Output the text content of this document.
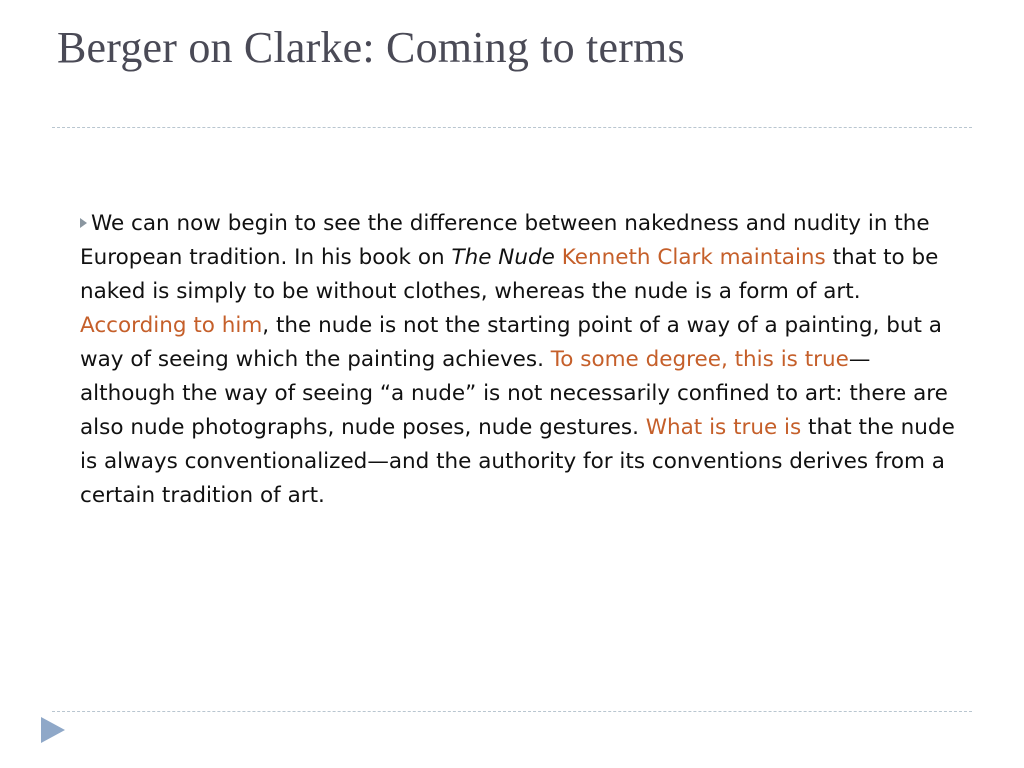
Berger on Clarke: Coming to terms

We can now begin to see the difference between nakedness and nudity in the European tradition. In his book on The Nude Kenneth Clark maintains that to be naked is simply to be without clothes, whereas the nude is a form of art. According to him, the nude is not the starting point of a way of a painting, but a way of seeing which the painting achieves. To some degree, this is true—although the way of seeing “a nude” is not necessarily confined to art: there are also nude photographs, nude poses, nude gestures. What is true is that the nude is always conventionalized—and the authority for its conventions derives from a certain tradition of art.
